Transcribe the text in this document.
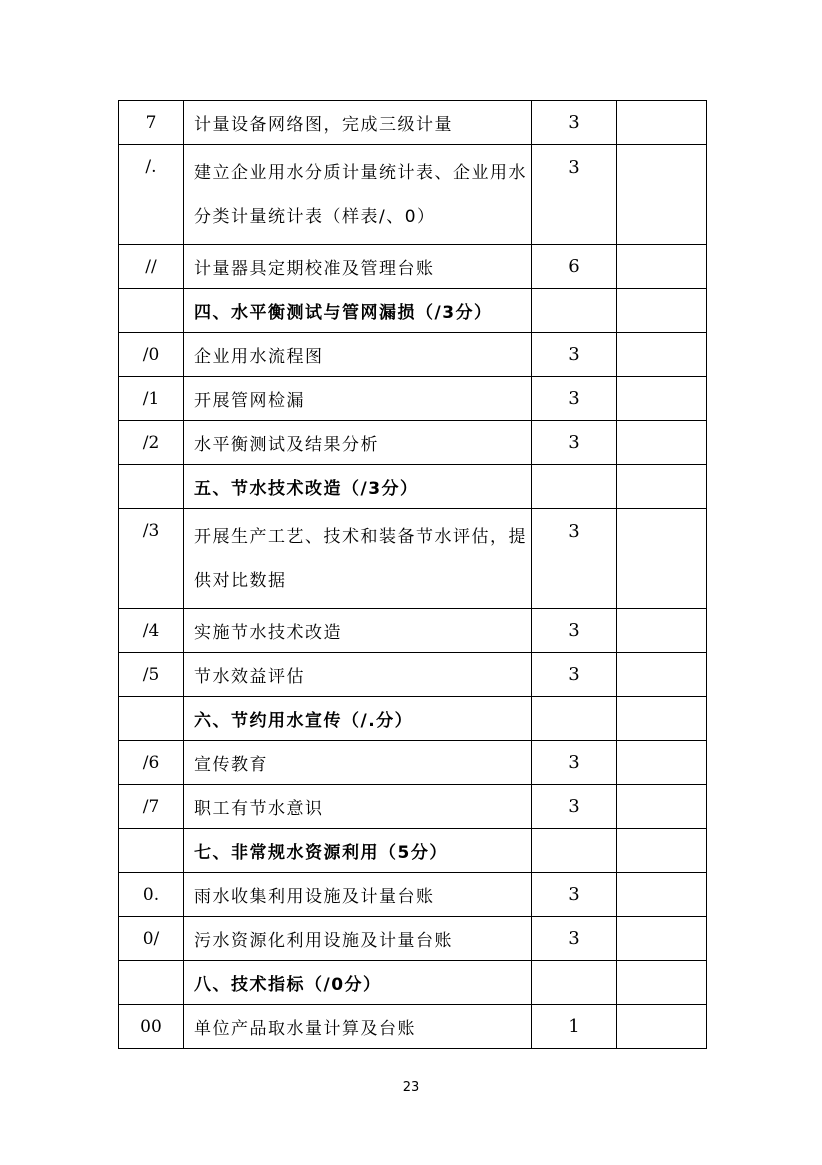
7	计量设备网络图，完成三级计量	3	
/.	建立企业用水分质计量统计表、企业用水分类计量统计表（样表/、0）	3	
//	计量器具定期校准及管理台账	6	
	四、水平衡测试与管网漏损（/3分）		
/0	企业用水流程图	3	
/1	开展管网检漏	3	
/2	水平衡测试及结果分析	3	
	五、节水技术改造（/3分）		
/3	开展生产工艺、技术和装备节水评估，提供对比数据	3	
/4	实施节水技术改造	3	
/5	节水效益评估	3	
	六、节约用水宣传（/.分）		
/6	宣传教育	3	
/7	职工有节水意识	3	
	七、非常规水资源利用（5分）		
0.	雨水收集利用设施及计量台账	3	
0/	污水资源化利用设施及计量台账	3	
	八、技术指标（/0分）		
00	单位产品取水量计算及台账	1	
23
